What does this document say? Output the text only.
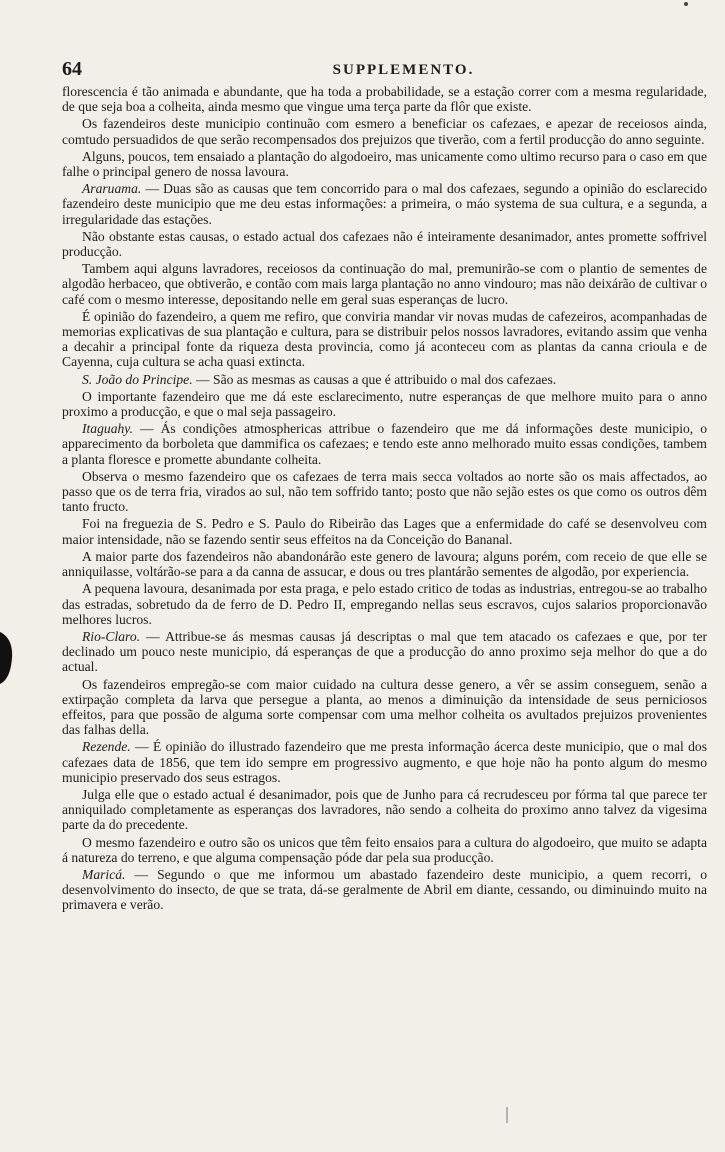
64	SUPPLEMENTO.

florescencia é tão animada e abundante, que ha toda a probabilidade, se a estação correr com a mesma regularidade, de que seja boa a colheita, ainda mesmo que vingue uma terça parte da flôr que existe.

Os fazendeiros deste municipio continuão com esmero a beneficiar os cafezaes, e apezar de receiosos ainda, comtudo persuadidos de que serão recompensados dos prejuizos que tiverão, com a fertil producção do anno seguinte.

Alguns, poucos, tem ensaiado a plantação do algodoeiro, mas unicamente como ultimo recurso para o caso em que falhe o principal genero de nossa lavoura.

Araruama. — Duas são as causas que tem concorrido para o mal dos cafezaes, segundo a opinião do esclarecido fazendeiro deste municipio que me deu estas informações: a primeira, o máo systema de sua cultura, e a segunda, a irregularidade das estações.

Não obstante estas causas, o estado actual dos cafezaes não é inteiramente desanimador, antes promette soffrivel producção.

Tambem aqui alguns lavradores, receiosos da continuação do mal, premunirão-se com o plantio de sementes de algodão herbaceo, que obtiverão, e contão com mais larga plantação no anno vindouro; mas não deixárão de cultivar o café com o mesmo interesse, depositando nelle em geral suas esperanças de lucro.

É opinião do fazendeiro, a quem me refiro, que conviria mandar vir novas mudas de cafezeiros, acompanhadas de memorias explicativas de sua plantação e cultura, para se distribuir pelos nossos lavradores, evitando assim que venha a decahir a principal fonte da riqueza desta provincia, como já aconteceu com as plantas da canna crioula e de Cayenna, cuja cultura se acha quasi extincta.

S. João do Principe. — São as mesmas as causas a que é attribuido o mal dos cafezaes.

O importante fazendeiro que me dá este esclarecimento, nutre esperanças de que melhore muito para o anno proximo a producção, e que o mal seja passageiro.

Itaguahy. — Ás condições atmosphericas attribue o fazendeiro que me dá informações deste municipio, o apparecimento da borboleta que dammifica os cafezaes; e tendo este anno melhorado muito essas condições, tambem a planta floresce e promette abundante colheita.

Observa o mesmo fazendeiro que os cafezaes de terra mais secca voltados ao norte são os mais affectados, ao passo que os de terra fria, virados ao sul, não tem soffrido tanto; posto que não sejão estes os que como os outros dêm tanto fructo.

Foi na freguezia de S. Pedro e S. Paulo do Ribeirão das Lages que a enfermidade do café se desenvolveu com maior intensidade, não se fazendo sentir seus effeitos na da Conceição do Bananal.

A maior parte dos fazendeiros não abandonárão este genero de lavoura; alguns porém, com receio de que elle se anniquilasse, voltárão-se para a da canna de assucar, e dous ou tres plantárão sementes de algodão, por experiencia.

A pequena lavoura, desanimada por esta praga, e pelo estado critico de todas as industrias, entregou-se ao trabalho das estradas, sobretudo da de ferro de D. Pedro II, empregando nellas seus escravos, cujos salarios proporcionavão melhores lucros.

Rio-Claro. — Attribue-se ás mesmas causas já descriptas o mal que tem atacado os cafezaes e que, por ter declinado um pouco neste municipio, dá esperanças de que a producção do anno proximo seja melhor do que a do actual.

Os fazendeiros empregão-se com maior cuidado na cultura desse genero, a vêr se assim conseguem, senão a extirpação completa da larva que persegue a planta, ao menos a diminuição da intensidade de seus perniciosos effeitos, para que possão de alguma sorte compensar com uma melhor colheita os avultados prejuizos provenientes das falhas della.

Rezende. — É opinião do illustrado fazendeiro que me presta informação ácerca deste municipio, que o mal dos cafezaes data de 1856, que tem ido sempre em progressivo augmento, e que hoje não ha ponto algum do mesmo municipio preservado dos seus estragos.

Julga elle que o estado actual é desanimador, pois que de Junho para cá recrudesceu por fórma tal que parece ter anniquilado completamente as esperanças dos lavradores, não sendo a colheita do proximo anno talvez da vigesima parte da do precedente.

O mesmo fazendeiro e outro são os unicos que têm feito ensaios para a cultura do algodoeiro, que muito se adapta á natureza do terreno, e que alguma compensação póde dar pela sua producção.

Maricá. — Segundo o que me informou um abastado fazendeiro deste municipio, a quem recorri, o desenvolvimento do insecto, de que se trata, dá-se geralmente de Abril em diante, cessando, ou diminuindo muito na primavera e verão.
